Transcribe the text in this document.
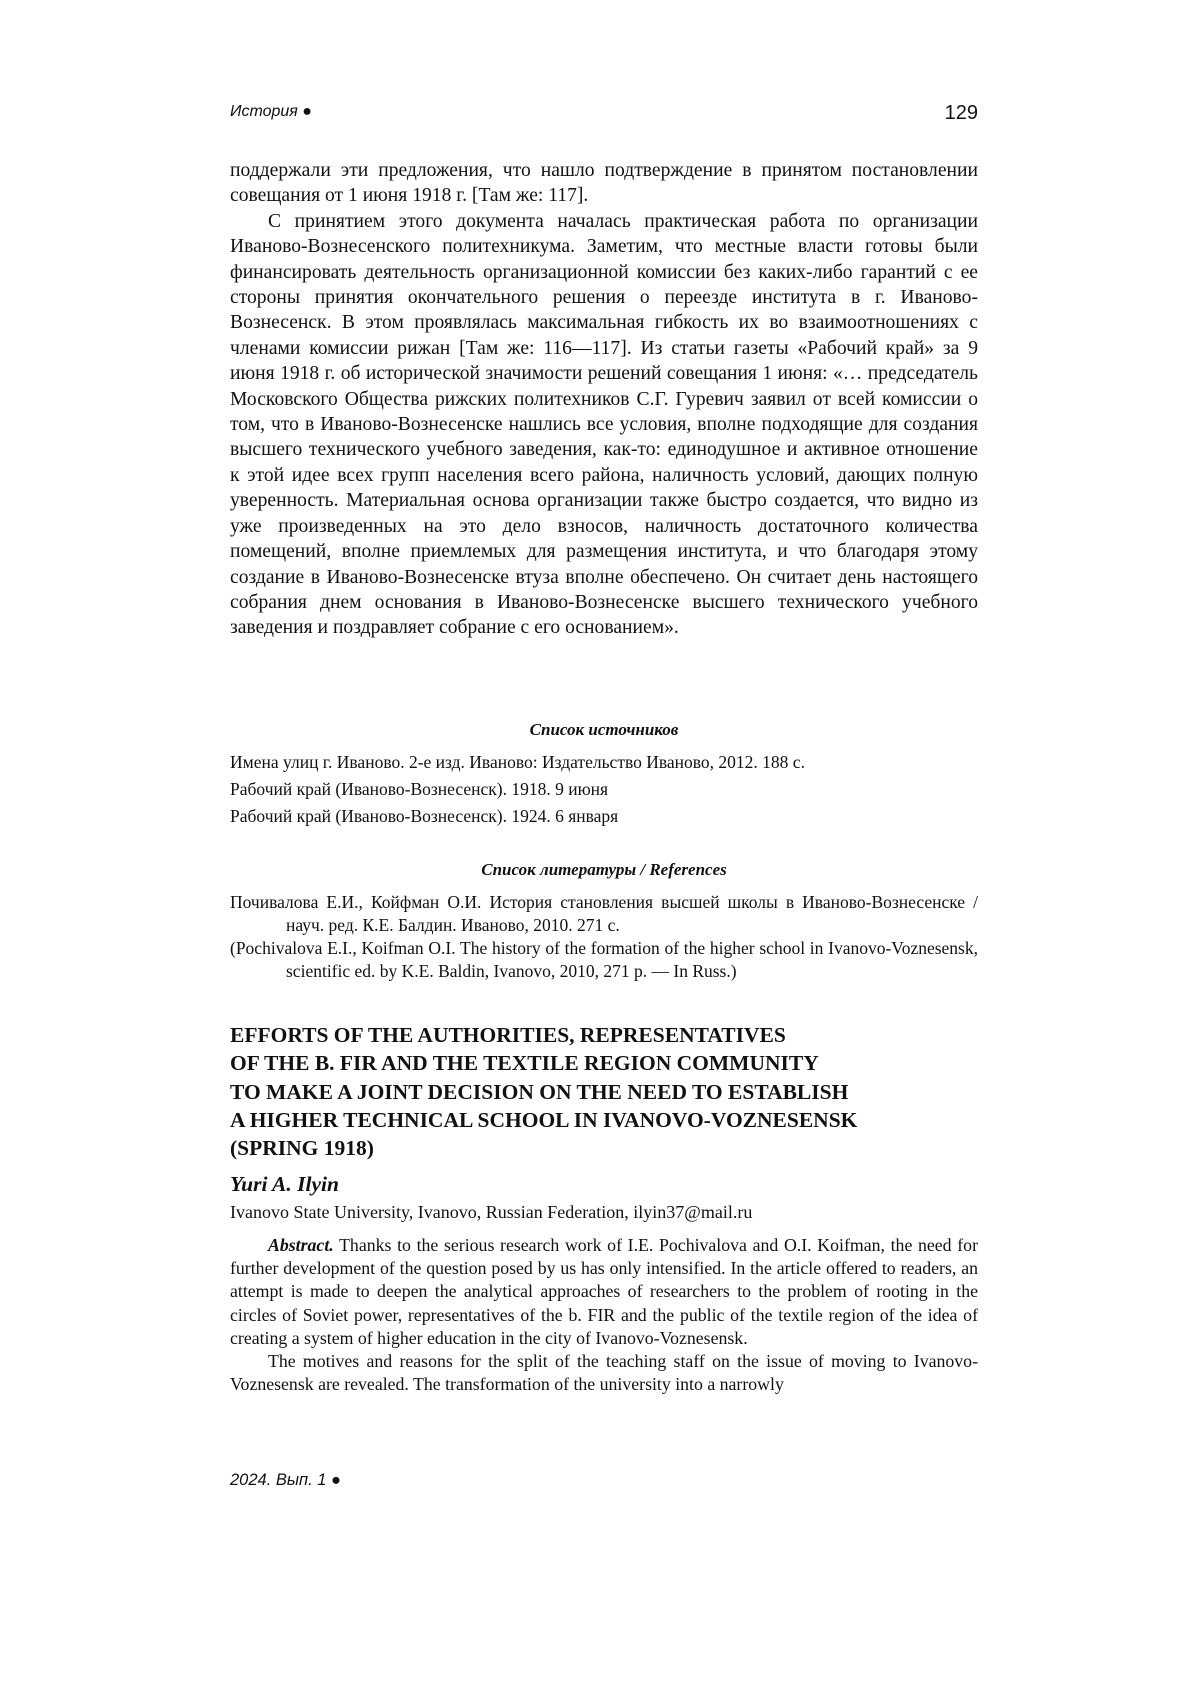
История ●	129

поддержали эти предложения, что нашло подтверждение в принятом постановлении совещания от 1 июня 1918 г. [Там же: 117].

С принятием этого документа началась практическая работа по организации Иваново-Вознесенского политехникума. Заметим, что местные власти готовы были финансировать деятельность организационной комиссии без каких-либо гарантий с ее стороны принятия окончательного решения о переезде института в г. Иваново-Вознесенск. В этом проявлялась максимальная гибкость их во взаимоотношениях с членами комиссии рижан [Там же: 116—117]. Из статьи газеты «Рабочий край» за 9 июня 1918 г. об исторической значимости решений совещания 1 июня: «… председатель Московского Общества рижских политехников С.Г. Гуревич заявил от всей комиссии о том, что в Иваново-Вознесенске нашлись все условия, вполне подходящие для создания высшего технического учебного заведения, как-то: единодушное и активное отношение к этой идее всех групп населения всего района, наличность условий, дающих полную уверенность. Материальная основа организации также быстро создается, что видно из уже произведенных на это дело взносов, наличность достаточного количества помещений, вполне приемлемых для размещения института, и что благодаря этому создание в Иваново-Вознесенске втуза вполне обеспечено. Он считает день настоящего собрания днем основания в Иваново-Вознесенске высшего технического учебного заведения и поздравляет собрание с его основанием».

Список источников
Имена улиц г. Иваново. 2-е изд. Иваново: Издательство Иваново, 2012. 188 с.
Рабочий край (Иваново-Вознесенск). 1918. 9 июня
Рабочий край (Иваново-Вознесенск). 1924. 6 января
Список литературы / References
Почивалова Е.И., Койфман О.И. История становления высшей школы в Иваново-Вознесенске / науч. ред. К.Е. Балдин. Иваново, 2010. 271 с.
(Pochivalova E.I., Koifman O.I. The history of the formation of the higher school in Ivanovo-Voznesensk, scientific ed. by K.E. Baldin, Ivanovo, 2010, 271 p. — In Russ.)
EFFORTS OF THE AUTHORITIES, REPRESENTATIVES
OF THE B. FIR AND THE TEXTILE REGION COMMUNITY
TO MAKE A JOINT DECISION ON THE NEED TO ESTABLISH
A HIGHER TECHNICAL SCHOOL IN IVANOVO-VOZNESENSK
(SPRING 1918)
Yuri A. Ilyin
Ivanovo State University, Ivanovo, Russian Federation, ilyin37@mail.ru

Abstract. Thanks to the serious research work of I.E. Pochivalova and O.I. Koifman, the need for further development of the question posed by us has only intensified. In the article offered to readers, an attempt is made to deepen the analytical approaches of researchers to the problem of rooting in the circles of Soviet power, representatives of the b. FIR and the public of the textile region of the idea of creating a system of higher education in the city of Ivanovo-Voznesensk.

The motives and reasons for the split of the teaching staff on the issue of moving to Ivanovo-Voznesensk are revealed. The transformation of the university into a narrowly

2024. Вып. 1 ●
